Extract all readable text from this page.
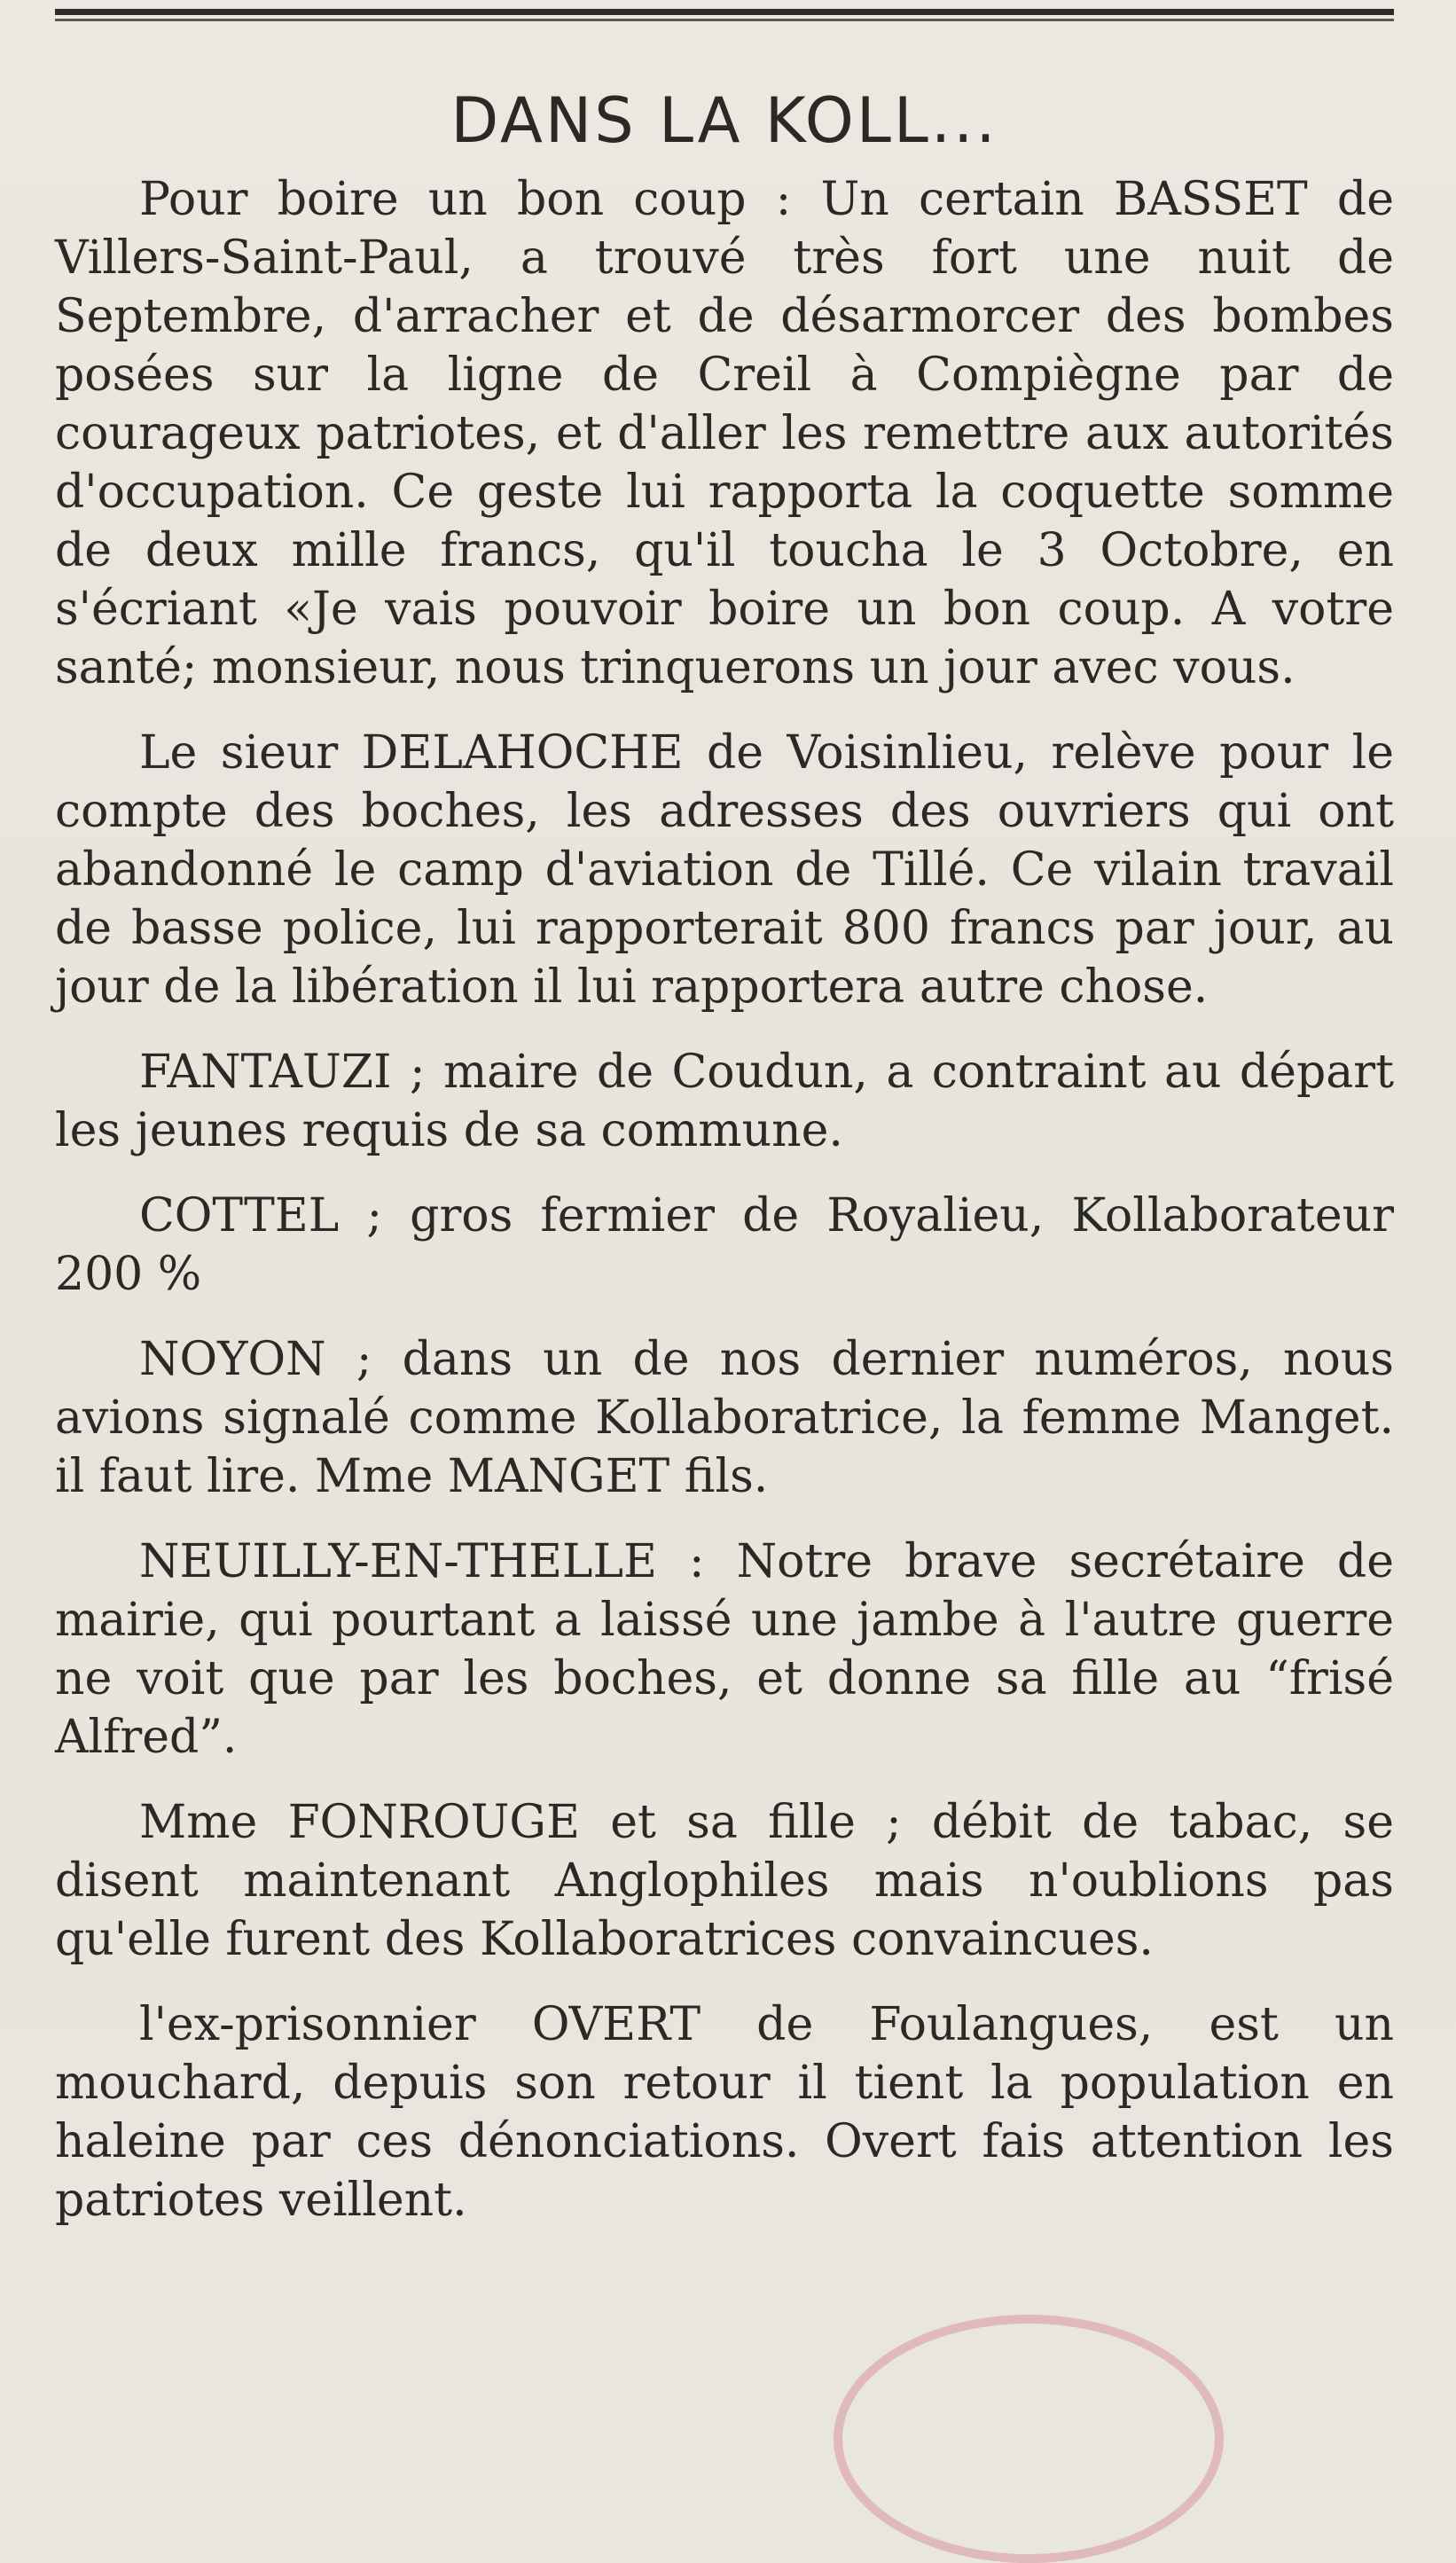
DANS LA KOLL...

Pour boire un bon coup : Un certain BASSET de Villers-Saint-Paul, a trouvé très fort une nuit de Septembre, d'arracher et de désarmorcer des bombes posées sur la ligne de Creil à Compiègne par de courageux patriotes, et d'aller les remettre aux autorités d'occupation. Ce geste lui rapporta la coquette somme de deux mille francs, qu'il toucha le 3 Octobre, en s'écriant «Je vais pouvoir boire un bon coup. A votre santé; monsieur, nous trinquerons un jour avec vous.

Le sieur DELAHOCHE de Voisinlieu, relève pour le compte des boches, les adresses des ouvriers qui ont abandonné le camp d'aviation de Tillé. Ce vilain travail de basse police, lui rapporterait 800 francs par jour, au jour de la libération il lui rapportera autre chose.

FANTAUZI ; maire de Coudun, a contraint au départ les jeunes requis de sa commune.

COTTEL ; gros fermier de Royalieu, Kollaborateur 200 %

NOYON ; dans un de nos dernier numéros, nous avions signalé comme Kollaboratrice, la femme Manget. il faut lire. Mme MANGET fils.

NEUILLY-EN-THELLE : Notre brave secrétaire de mairie, qui pourtant a laissé une jambe à l'autre guerre ne voit que par les boches, et donne sa fille au “frisé Alfred”.

Mme FONROUGE et sa fille ; débit de tabac, se disent maintenant Anglophiles mais n'oublions pas qu'elle furent des Kollaboratrices convaincues.

l'ex-prisonnier OVERT de Foulangues, est un mouchard, depuis son retour il tient la population en haleine par ces dénonciations. Overt fais attention les patriotes veillent.
